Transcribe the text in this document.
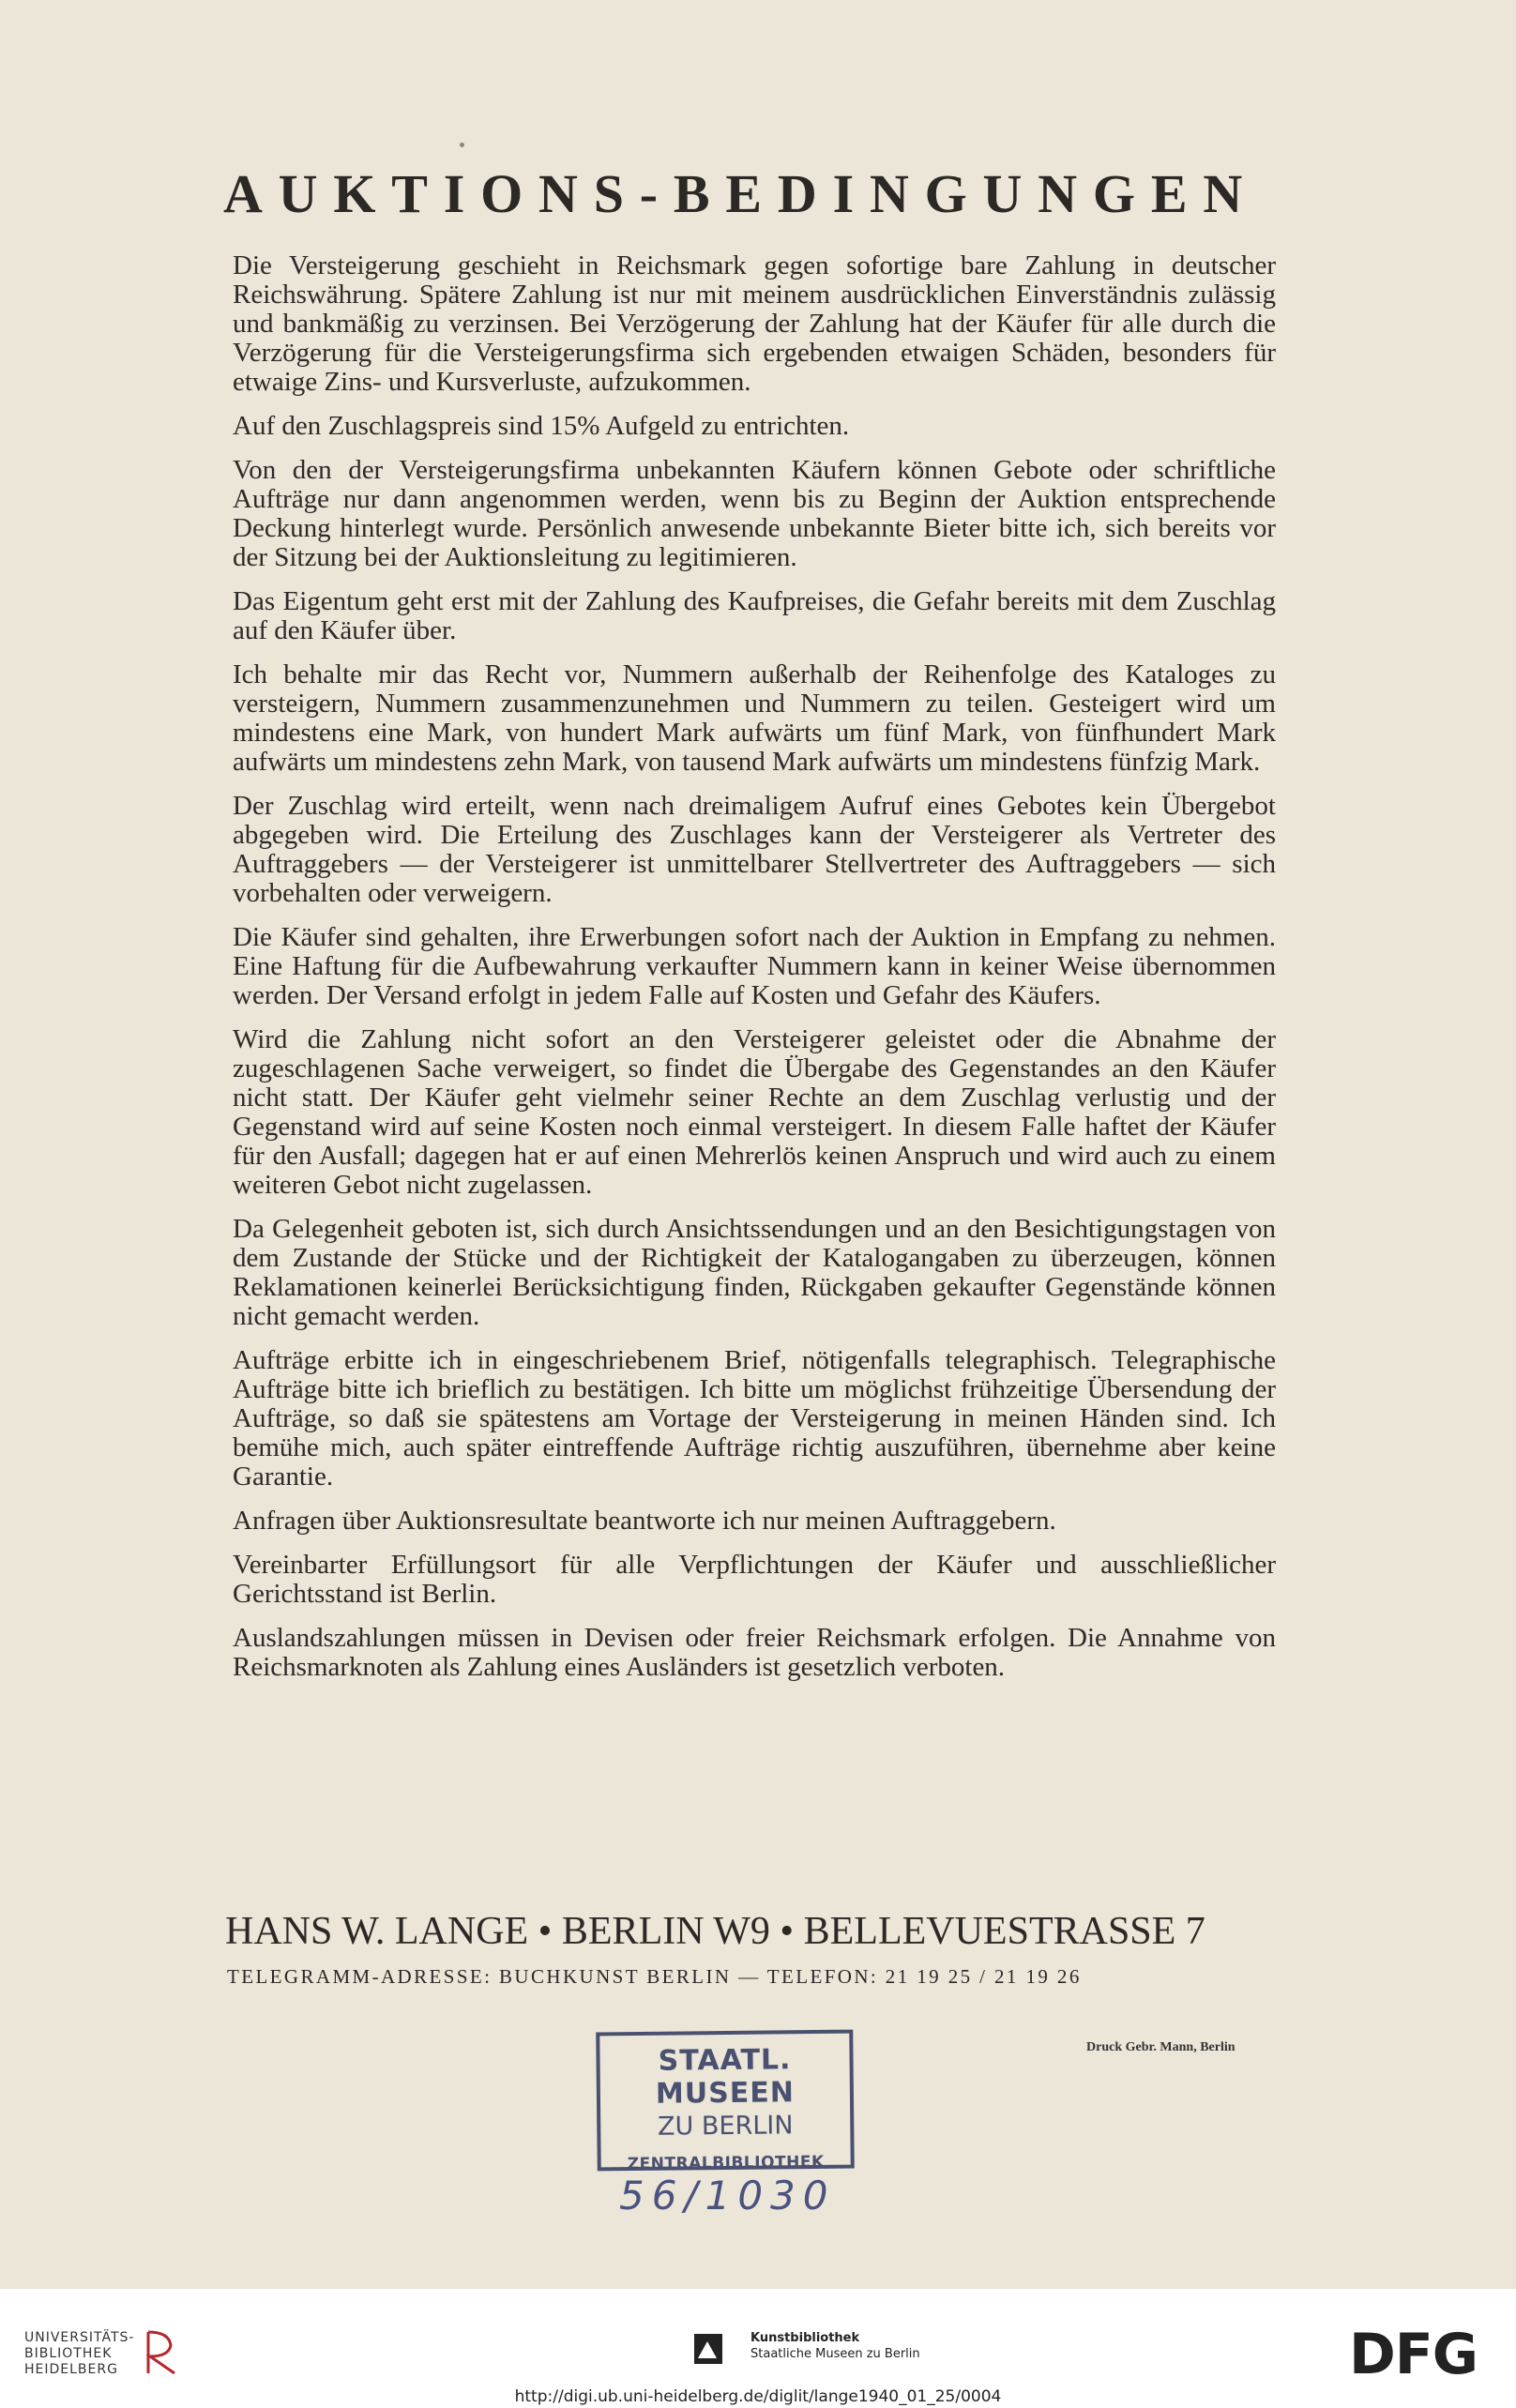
AUKTIONS-BEDINGUNGEN

Die Versteigerung geschieht in Reichsmark gegen sofortige bare Zahlung in deutscher Reichswährung. Spätere Zahlung ist nur mit meinem ausdrücklichen Einverständnis zulässig und bankmäßig zu verzinsen. Bei Verzögerung der Zahlung hat der Käufer für alle durch die Verzögerung für die Versteigerungsfirma sich ergebenden etwaigen Schäden, besonders für etwaige Zins- und Kursverluste, aufzukommen.

Auf den Zuschlagspreis sind 15% Aufgeld zu entrichten.

Von den der Versteigerungsfirma unbekannten Käufern können Gebote oder schriftliche Aufträge nur dann angenommen werden, wenn bis zu Beginn der Auktion entsprechende Deckung hinterlegt wurde. Persönlich anwesende unbekannte Bieter bitte ich, sich bereits vor der Sitzung bei der Auktionsleitung zu legitimieren.

Das Eigentum geht erst mit der Zahlung des Kaufpreises, die Gefahr bereits mit dem Zuschlag auf den Käufer über.

Ich behalte mir das Recht vor, Nummern außerhalb der Reihenfolge des Kataloges zu versteigern, Nummern zusammenzunehmen und Nummern zu teilen. Gesteigert wird um mindestens eine Mark, von hundert Mark aufwärts um fünf Mark, von fünfhundert Mark aufwärts um mindestens zehn Mark, von tausend Mark aufwärts um mindestens fünfzig Mark.

Der Zuschlag wird erteilt, wenn nach dreimaligem Aufruf eines Gebotes kein Übergebot abgegeben wird. Die Erteilung des Zuschlages kann der Versteigerer als Vertreter des Auftraggebers — der Versteigerer ist unmittelbarer Stellvertreter des Auftraggebers — sich vorbehalten oder verweigern.

Die Käufer sind gehalten, ihre Erwerbungen sofort nach der Auktion in Empfang zu nehmen. Eine Haftung für die Aufbewahrung verkaufter Nummern kann in keiner Weise übernommen werden. Der Versand erfolgt in jedem Falle auf Kosten und Gefahr des Käufers.

Wird die Zahlung nicht sofort an den Versteigerer geleistet oder die Abnahme der zugeschlagenen Sache verweigert, so findet die Übergabe des Gegenstandes an den Käufer nicht statt. Der Käufer geht vielmehr seiner Rechte an dem Zuschlag verlustig und der Gegenstand wird auf seine Kosten noch einmal versteigert. In diesem Falle haftet der Käufer für den Ausfall; dagegen hat er auf einen Mehrerlös keinen Anspruch und wird auch zu einem weiteren Gebot nicht zugelassen.

Da Gelegenheit geboten ist, sich durch Ansichtssendungen und an den Besichtigungstagen von dem Zustande der Stücke und der Richtigkeit der Katalogangaben zu überzeugen, können Reklamationen keinerlei Berücksichtigung finden, Rückgaben gekaufter Gegenstände können nicht gemacht werden.

Aufträge erbitte ich in eingeschriebenem Brief, nötigenfalls telegraphisch. Telegraphische Aufträge bitte ich brieflich zu bestätigen. Ich bitte um möglichst frühzeitige Übersendung der Aufträge, so daß sie spätestens am Vortage der Versteigerung in meinen Händen sind. Ich bemühe mich, auch später eintreffende Aufträge richtig auszuführen, übernehme aber keine Garantie.

Anfragen über Auktionsresultate beantworte ich nur meinen Auftraggebern.

Vereinbarter Erfüllungsort für alle Verpflichtungen der Käufer und ausschließlicher Gerichtsstand ist Berlin.

Auslandszahlungen müssen in Devisen oder freier Reichsmark erfolgen. Die Annahme von Reichsmarknoten als Zahlung eines Ausländers ist gesetzlich verboten.

HANS W. LANGE • BERLIN W9 • BELLEVUESTRASSE 7
TELEGRAMM-ADRESSE: BUCHKUNST BERLIN — TELEFON: 21 19 25 / 21 19 26
Druck Gebr. Mann, Berlin
STAATL. MUSEEN
ZU BERLIN
ZENTRALBIBLIOTHEK
56/1030
UNIVERSITÄTS-
BIBLIOTHEK
HEIDELBERG
Kunstbibliothek
Staatliche Museen zu Berlin	DFG
http://digi.ub.uni-heidelberg.de/diglit/lange1940_01_25/0004
